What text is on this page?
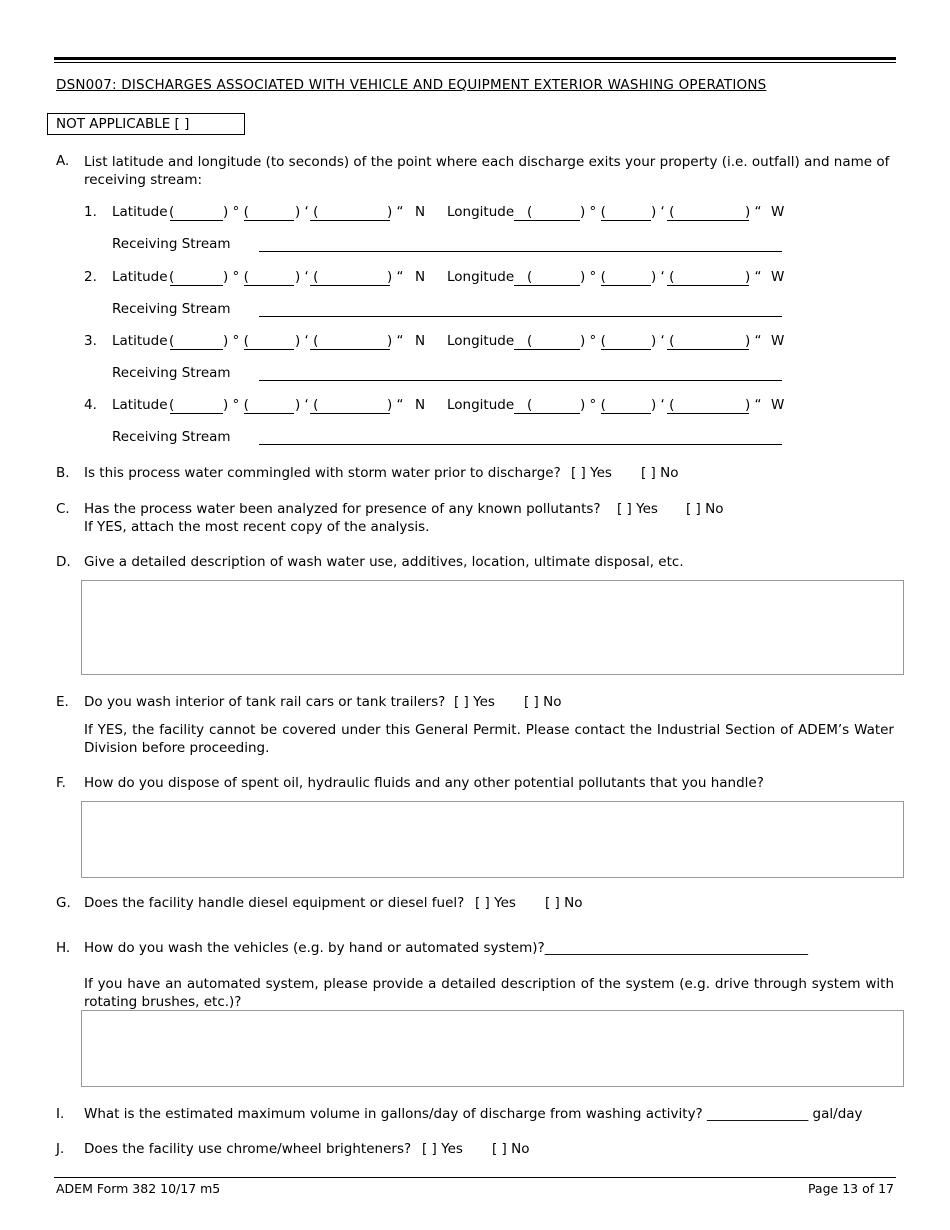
DSN007: DISCHARGES ASSOCIATED WITH VEHICLE AND EQUIPMENT EXTERIOR WASHING OPERATIONS
NOT APPLICABLE [ ]
A.	List latitude and longitude (to seconds) of the point where each discharge exits your property (i.e. outfall) and name of receiving stream:
1. Latitude (	) ° (	) ‘ (	) “ N Longitude (	) ° (	) ‘ (	) “ W
Receiving Stream
2. Latitude (	) ° (	) ‘ (	) “ N Longitude (	) ° (	) ‘ (	) “ W
Receiving Stream
3. Latitude (	) ° (	) ‘ (	) “ N Longitude (	) ° (	) ‘ (	) “ W
Receiving Stream
4. Latitude (	) ° (	) ‘ (	) “ N Longitude (	) ° (	) ‘ (	) “ W
Receiving Stream
B.	Is this process water commingled with storm water prior to discharge? [ ] Yes [ ] No
C.	Has the process water been analyzed for presence of any known pollutants? [ ] Yes [ ] No
If YES, attach the most recent copy of the analysis.
D. Give a detailed description of wash water use, additives, location, ultimate disposal, etc.
E.	Do you wash interior of tank rail cars or tank trailers? [ ] Yes [ ] No
If YES, the facility cannot be covered under this General Permit. Please contact the Industrial Section of ADEM’s Water Division before proceeding.
F.	How do you dispose of spent oil, hydraulic fluids and any other potential pollutants that you handle?
G. Does the facility handle diesel equipment or diesel fuel? [ ] Yes [ ] No
H.	How do you wash the vehicles (e.g. by hand or automated system)?_______________________________________
If you have an automated system, please provide a detailed description of the system (e.g. drive through system with rotating brushes, etc.)?
I.	What is the estimated maximum volume in gallons/day of discharge from washing activity? _______________ gal/day
J.	Does the facility use chrome/wheel brighteners? [ ] Yes [ ] No
ADEM Form 382 10/17 m5	Page 13 of 17
